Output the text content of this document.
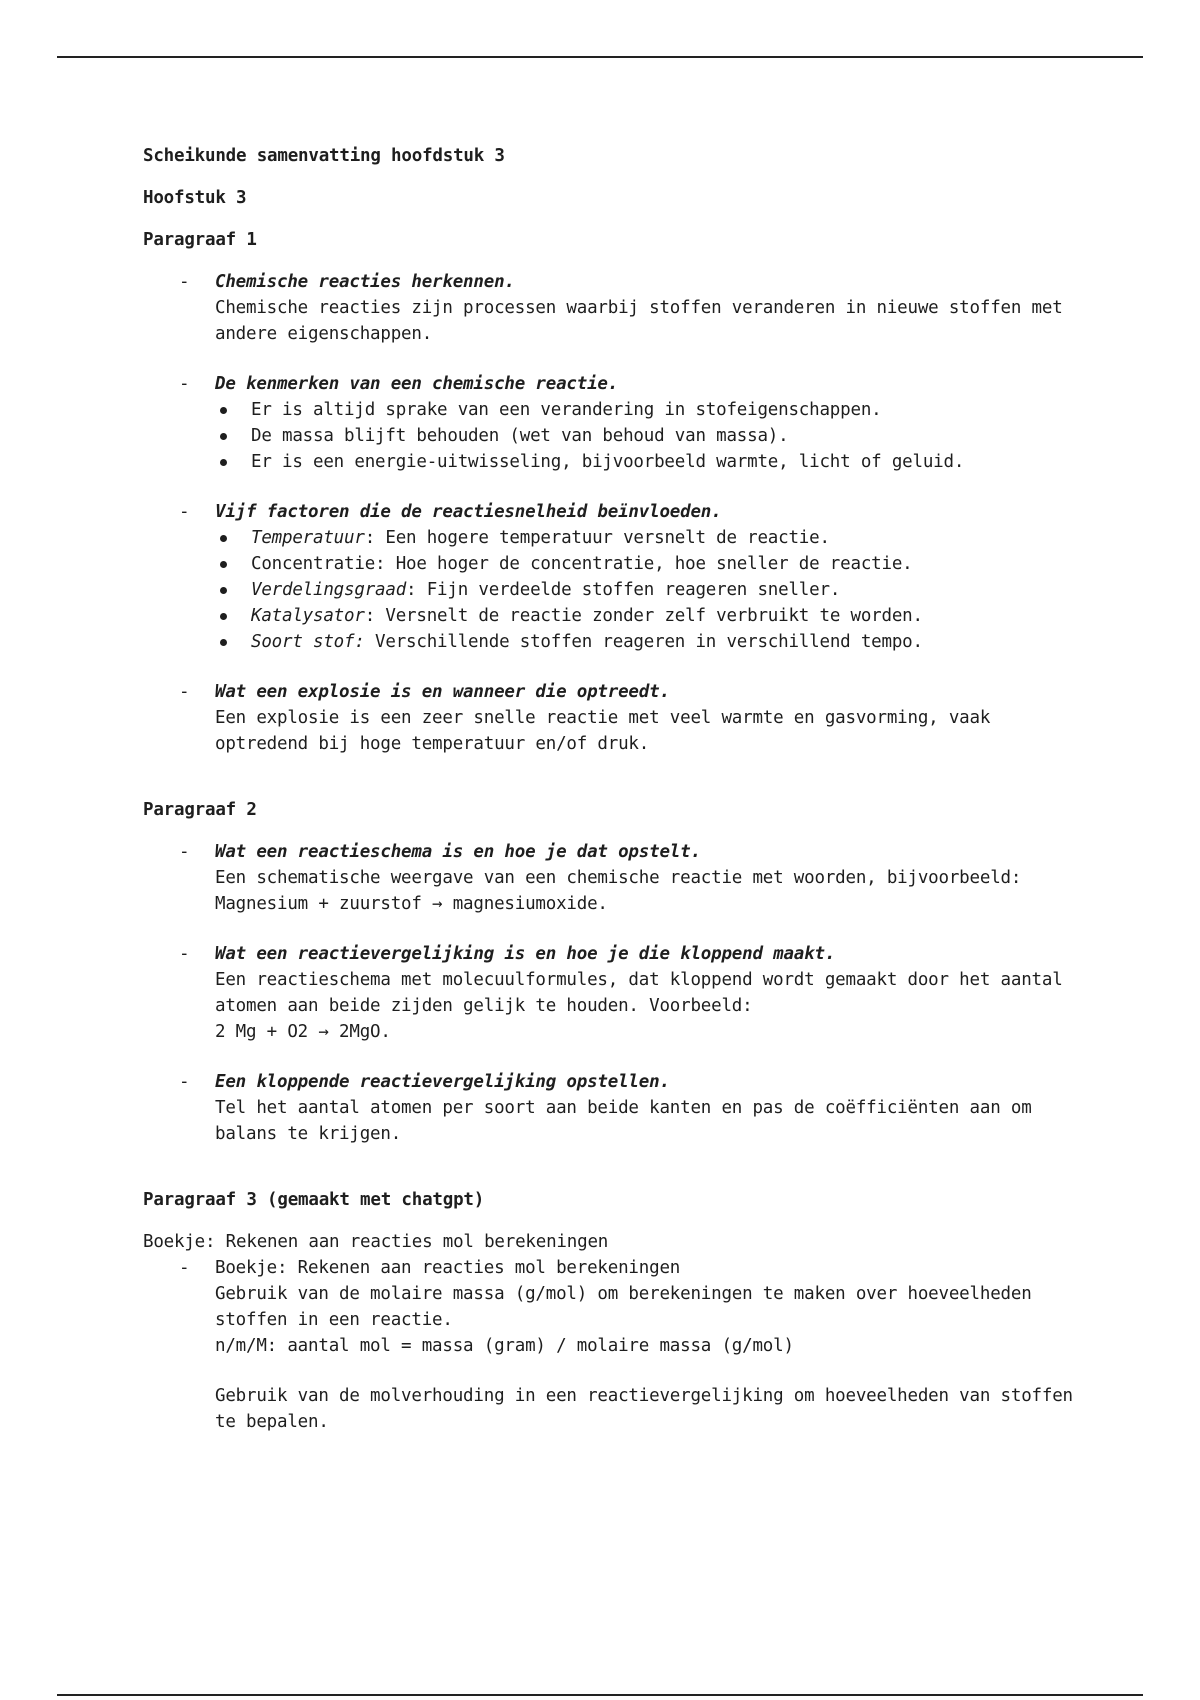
Scheikunde samenvatting hoofdstuk 3

Hoofstuk 3

Paragraaf 1

- Chemische reacties herkennen.
Chemische reacties zijn processen waarbij stoffen veranderen in nieuwe stoffen met andere eigenschappen.
- De kenmerken van een chemische reactie.
Er is altijd sprake van een verandering in stofeigenschappen.
De massa blijft behouden (wet van behoud van massa).
Er is een energie-uitwisseling, bijvoorbeeld warmte, licht of geluid.
- Vijf factoren die de reactiesnelheid beïnvloeden.
Temperatuur: Een hogere temperatuur versnelt de reactie.
Concentratie: Hoe hoger de concentratie, hoe sneller de reactie.
Verdelingsgraad: Fijn verdeelde stoffen reageren sneller.
Katalysator: Versnelt de reactie zonder zelf verbruikt te worden.
Soort stof: Verschillende stoffen reageren in verschillend tempo.
- Wat een explosie is en wanneer die optreedt.
Een explosie is een zeer snelle reactie met veel warmte en gasvorming, vaak optredend bij hoge temperatuur en/of druk.

Paragraaf 2

- Wat een reactieschema is en hoe je dat opstelt.
Een schematische weergave van een chemische reactie met woorden, bijvoorbeeld:
Magnesium + zuurstof → magnesiumoxide.
- Wat een reactievergelijking is en hoe je die kloppend maakt.
Een reactieschema met molecuulformules, dat kloppend wordt gemaakt door het aantal atomen aan beide zijden gelijk te houden. Voorbeeld:
2 Mg + O2 → 2MgO.
- Een kloppende reactievergelijking opstellen.
Tel het aantal atomen per soort aan beide kanten en pas de coëfficiënten aan om balans te krijgen.

Paragraaf 3 (gemaakt met chatgpt)

Boekje: Rekenen aan reacties mol berekeningen

- Boekje: Rekenen aan reacties mol berekeningen
Gebruik van de molaire massa (g/mol) om berekeningen te maken over hoeveelheden stoffen in een reactie.
n/m/M: aantal mol = massa (gram) / molaire massa (g/mol)
Gebruik van de molverhouding in een reactievergelijking om hoeveelheden van stoffen te bepalen.
